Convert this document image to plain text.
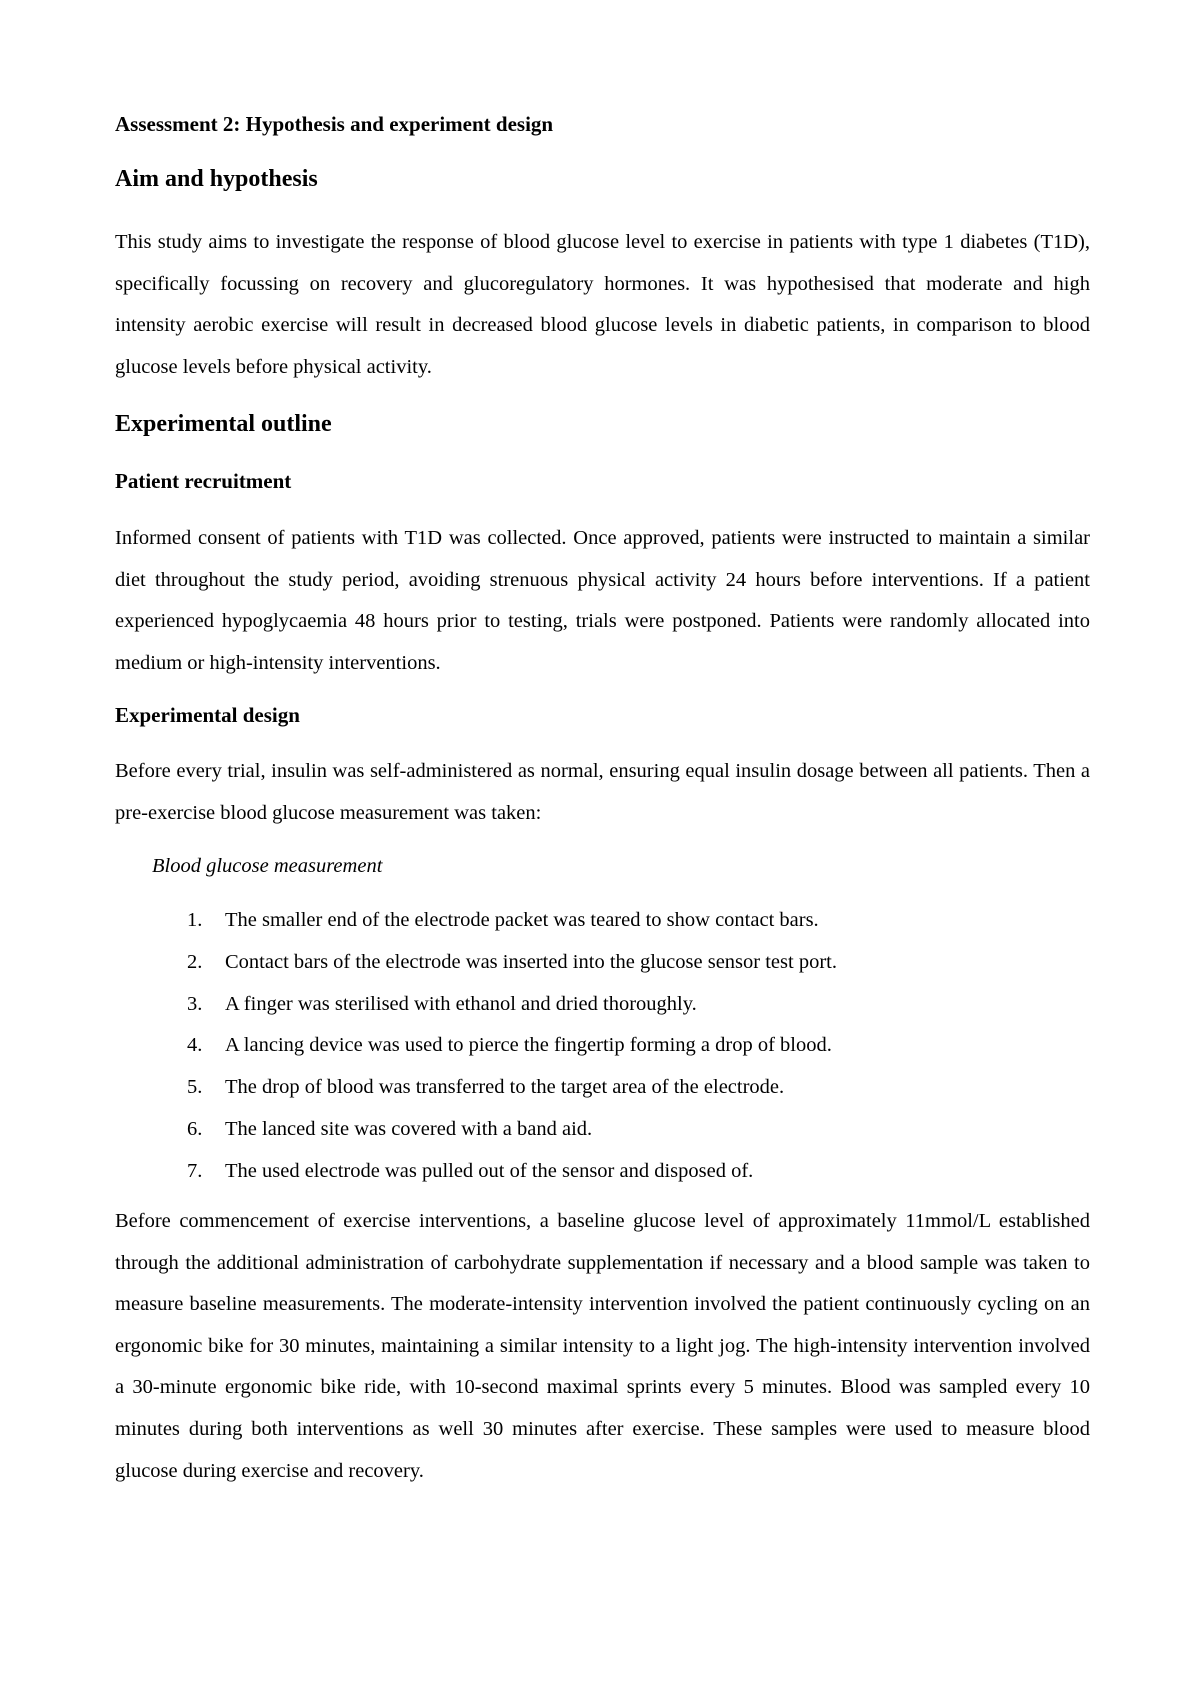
Assessment 2: Hypothesis and experiment design
Aim and hypothesis

This study aims to investigate the response of blood glucose level to exercise in patients with type 1 diabetes (T1D), specifically focussing on recovery and glucoregulatory hormones. It was hypothesised that moderate and high intensity aerobic exercise will result in decreased blood glucose levels in diabetic patients, in comparison to blood glucose levels before physical activity.

Experimental outline
Patient recruitment

Informed consent of patients with T1D was collected. Once approved, patients were instructed to maintain a similar diet throughout the study period, avoiding strenuous physical activity 24 hours before interventions. If a patient experienced hypoglycaemia 48 hours prior to testing, trials were postponed. Patients were randomly allocated into medium or high-intensity interventions.

Experimental design

Before every trial, insulin was self-administered as normal, ensuring equal insulin dosage between all patients. Then a pre-exercise blood glucose measurement was taken:

Blood glucose measurement

1. The smaller end of the electrode packet was teared to show contact bars.
2. Contact bars of the electrode was inserted into the glucose sensor test port.
3. A finger was sterilised with ethanol and dried thoroughly.
4. A lancing device was used to pierce the fingertip forming a drop of blood.
5. The drop of blood was transferred to the target area of the electrode.
6. The lanced site was covered with a band aid.
7. The used electrode was pulled out of the sensor and disposed of.

Before commencement of exercise interventions, a baseline glucose level of approximately 11mmol/L established through the additional administration of carbohydrate supplementation if necessary and a blood sample was taken to measure baseline measurements. The moderate-intensity intervention involved the patient continuously cycling on an ergonomic bike for 30 minutes, maintaining a similar intensity to a light jog. The high-intensity intervention involved a 30-minute ergonomic bike ride, with 10-second maximal sprints every 5 minutes. Blood was sampled every 10 minutes during both interventions as well 30 minutes after exercise. These samples were used to measure blood glucose during exercise and recovery.
